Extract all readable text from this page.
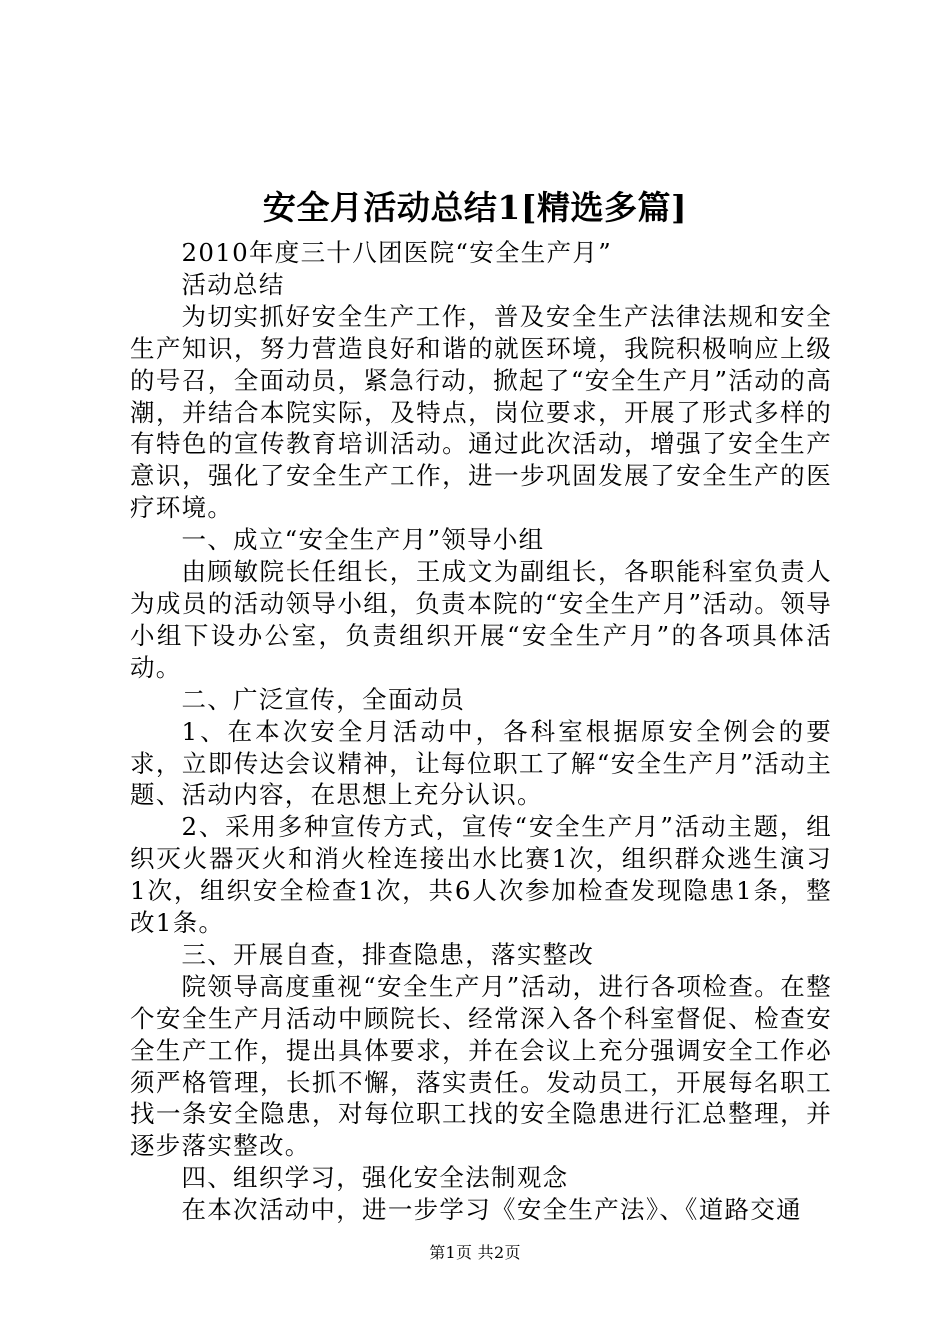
安全月活动总结1[精选多篇]

2010年度三十八团医院“安全生产月”

活动总结

为切实抓好安全生产工作，普及安全生产法律法规和安全生产知识，努力营造良好和谐的就医环境，我院积极响应上级的号召，全面动员，紧急行动，掀起了“安全生产月”活动的高潮，并结合本院实际，及特点，岗位要求，开展了形式多样的有特色的宣传教育培训活动。通过此次活动，增强了安全生产意识，强化了安全生产工作，进一步巩固发展了安全生产的医疗环境。

一、成立“安全生产月”领导小组

由顾敏院长任组长，王成文为副组长，各职能科室负责人为成员的活动领导小组，负责本院的“安全生产月”活动。领导小组下设办公室，负责组织开展“安全生产月”的各项具体活动。

二、广泛宣传，全面动员

1、在本次安全月活动中，各科室根据原安全例会的要求，立即传达会议精神，让每位职工了解“安全生产月”活动主题、活动内容，在思想上充分认识。

2、采用多种宣传方式，宣传“安全生产月”活动主题，组织灭火器灭火和消火栓连接出水比赛1次，组织群众逃生演习1次，组织安全检查1次，共6人次参加检查发现隐患1条，整改1条。

三、开展自查，排查隐患，落实整改

院领导高度重视“安全生产月”活动，进行各项检查。在整个安全生产月活动中顾院长、经常深入各个科室督促、检查安全生产工作，提出具体要求，并在会议上充分强调安全工作必须严格管理，长抓不懈，落实责任。发动员工，开展每名职工找一条安全隐患，对每位职工找的安全隐患进行汇总整理，并逐步落实整改。

四、组织学习，强化安全法制观念

在本次活动中，进一步学习《安全生产法》、《道路交通

第1页 共2页
